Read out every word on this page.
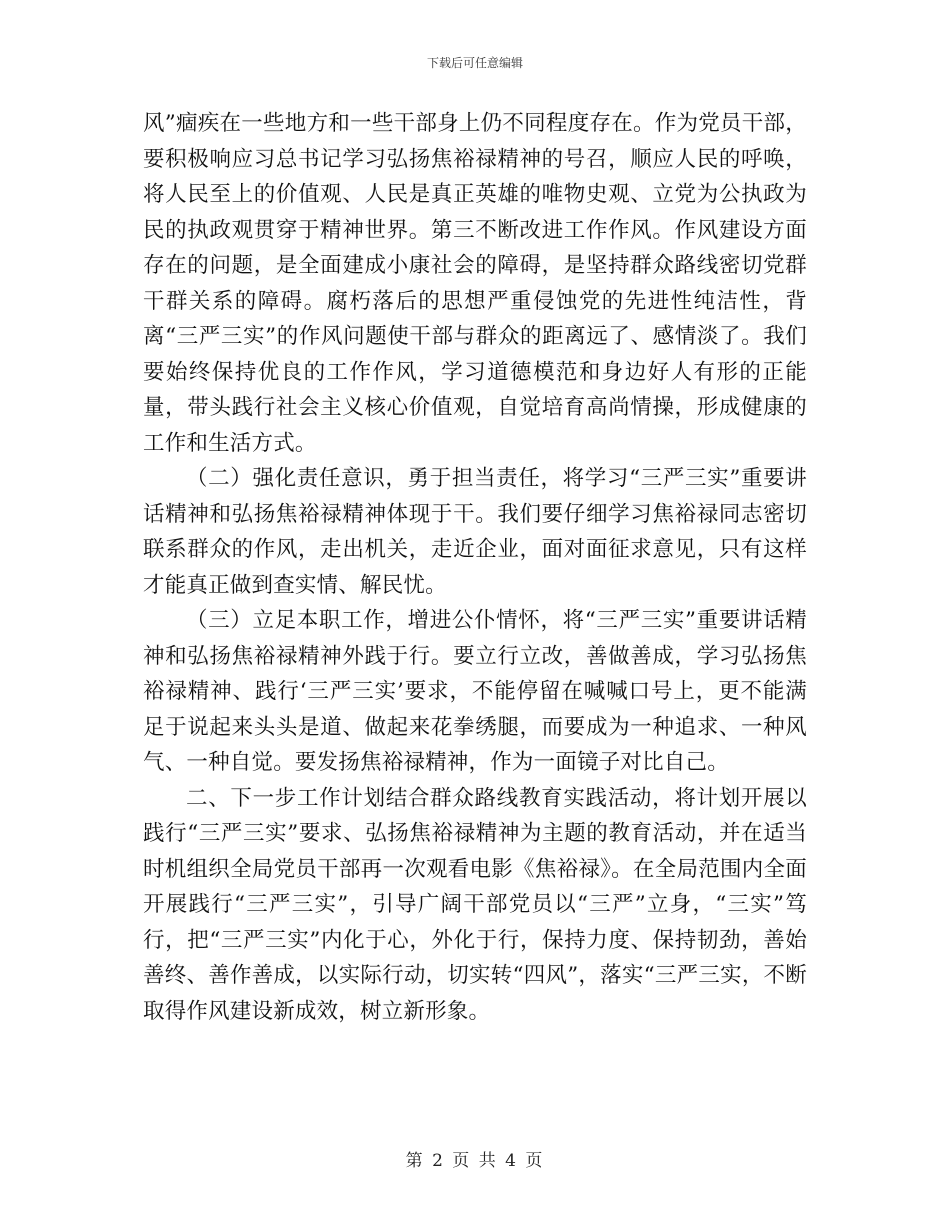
下载后可任意编辑

风”痼疾在一些地方和一些干部身上仍不同程度存在。作为党员干部，要积极响应习总书记学习弘扬焦裕禄精神的号召，顺应人民的呼唤，将人民至上的价值观、人民是真正英雄的唯物史观、立党为公执政为民的执政观贯穿于精神世界。第三不断改进工作作风。作风建设方面存在的问题，是全面建成小康社会的障碍，是坚持群众路线密切党群干群关系的障碍。腐朽落后的思想严重侵蚀党的先进性纯洁性，背离“三严三实”的作风问题使干部与群众的距离远了、感情淡了。我们要始终保持优良的工作作风，学习道德模范和身边好人有形的正能量，带头践行社会主义核心价值观，自觉培育高尚情操，形成健康的工作和生活方式。

（二）强化责任意识，勇于担当责任，将学习“三严三实”重要讲话精神和弘扬焦裕禄精神体现于干。我们要仔细学习焦裕禄同志密切联系群众的作风，走出机关，走近企业，面对面征求意见，只有这样才能真正做到查实情、解民忧。

（三）立足本职工作，增进公仆情怀，将“三严三实”重要讲话精神和弘扬焦裕禄精神外践于行。要立行立改，善做善成，学习弘扬焦裕禄精神、践行‘三严三实’要求，不能停留在喊喊口号上，更不能满足于说起来头头是道、做起来花拳绣腿，而要成为一种追求、一种风气、一种自觉。要发扬焦裕禄精神，作为一面镜子对比自己。

二、下一步工作计划结合群众路线教育实践活动，将计划开展以践行“三严三实”要求、弘扬焦裕禄精神为主题的教育活动，并在适当时机组织全局党员干部再一次观看电影《焦裕禄》。在全局范围内全面开展践行“三严三实”，引导广阔干部党员以“三严”立身，“三实”笃行，把“三严三实”内化于心，外化于行，保持力度、保持韧劲，善始善终、善作善成，以实际行动，切实转“四风”，落实“三严三实，不断取得作风建设新成效，树立新形象。

第 2 页 共 4 页
